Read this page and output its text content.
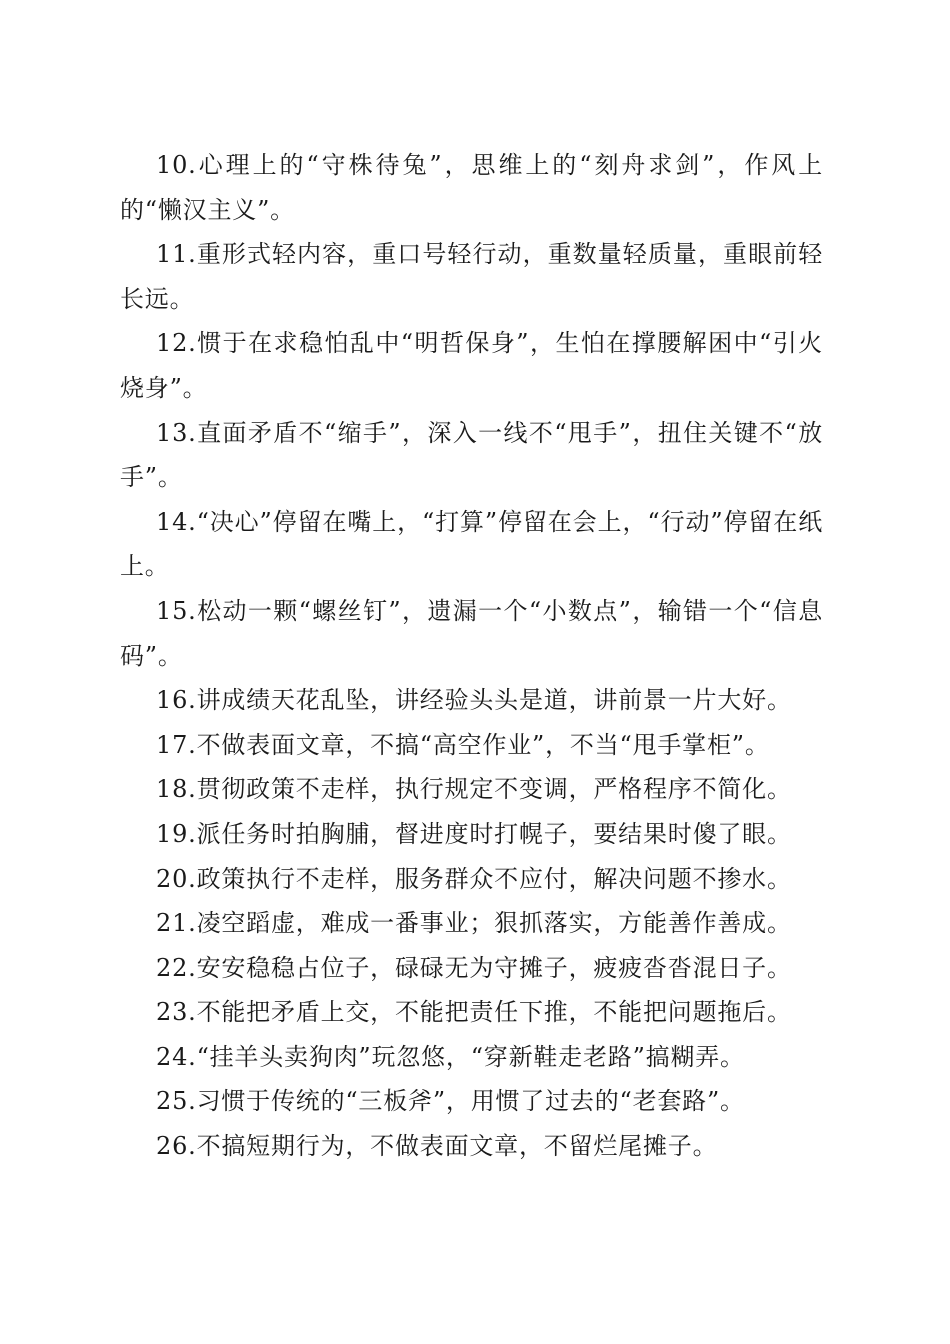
10.心理上的“守株待兔”，思维上的“刻舟求剑”，作风上的“懒汉主义”。

11.重形式轻内容，重口号轻行动，重数量轻质量，重眼前轻长远。

12.惯于在求稳怕乱中“明哲保身”，生怕在撑腰解困中“引火烧身”。

13.直面矛盾不“缩手”，深入一线不“甩手”，扭住关键不“放手”。

14.“决心”停留在嘴上，“打算”停留在会上，“行动”停留在纸上。

15.松动一颗“螺丝钉”，遗漏一个“小数点”，输错一个“信息码”。

16.讲成绩天花乱坠，讲经验头头是道，讲前景一片大好。

17.不做表面文章，不搞“高空作业”，不当“甩手掌柜”。

18.贯彻政策不走样，执行规定不变调，严格程序不简化。

19.派任务时拍胸脯，督进度时打幌子，要结果时傻了眼。

20.政策执行不走样，服务群众不应付，解决问题不掺水。

21.凌空蹈虚，难成一番事业；狠抓落实，方能善作善成。

22.安安稳稳占位子，碌碌无为守摊子，疲疲沓沓混日子。

23.不能把矛盾上交，不能把责任下推，不能把问题拖后。

24.“挂羊头卖狗肉”玩忽悠，“穿新鞋走老路”搞糊弄。

25.习惯于传统的“三板斧”，用惯了过去的“老套路”。

26.不搞短期行为，不做表面文章，不留烂尾摊子。
